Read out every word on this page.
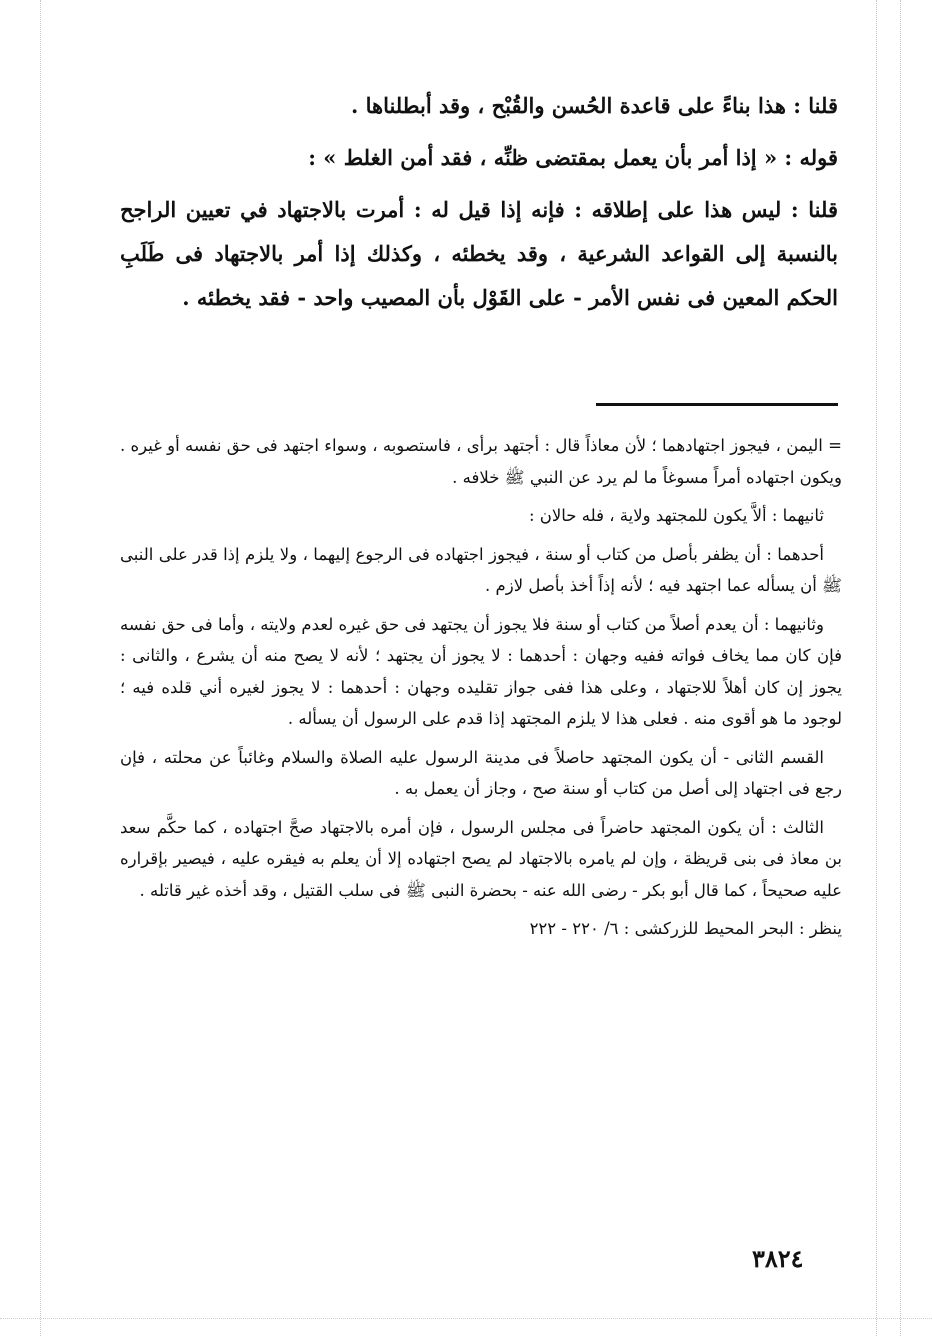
قلنا : هذا بناءً على قاعدة الحُسن والقُبْح ، وقد أبطلناها .

قوله : « إذا أمر بأن يعمل بمقتضى ظنِّه ، فقد أمن الغلط » :

قلنا : ليس هذا على إطلاقه : فإنه إذا قيل له : أمرت بالاجتهاد في تعيين الراجح بالنسبة إلى القواعد الشرعية ، وقد يخطئه ، وكذلك إذا أمر بالاجتهاد فى طَلَبِ الحكم المعين فى نفس الأمر - على القَوْل بأن المصيب واحد - فقد يخطئه .

= اليمن ، فيجوز اجتهادهما ؛ لأن معاذاً قال : أجتهد برأى ، فاستصوبه ، وسواء اجتهد فى حق نفسه أو غيره . ويكون اجتهاده أمراً مسوغاً ما لم يرد عن النبي ﷺ خلافه .

ثانيهما : ألاَّ يكون للمجتهد ولاية ، فله حالان :

أحدهما : أن يظفر بأصل من كتاب أو سنة ، فيجوز اجتهاده فى الرجوع إليهما ، ولا يلزم إذا قدر على النبى ﷺ أن يسأله عما اجتهد فيه ؛ لأنه إذاً أخذ بأصل لازم .

وثانيهما : أن يعدم أصلاً من كتاب أو سنة فلا يجوز أن يجتهد فى حق غيره لعدم ولايته ، وأما فى حق نفسه فإن كان مما يخاف فواته ففيه وجهان : أحدهما : لا يجوز أن يجتهد ؛ لأنه لا يصح منه أن يشرع ، والثانى : يجوز إن كان أهلاً للاجتهاد ، وعلى هذا ففى جواز تقليده وجهان : أحدهما : لا يجوز لغيره أني قلده فيه ؛ لوجود ما هو أقوى منه . فعلى هذا لا يلزم المجتهد إذا قدم على الرسول أن يسأله .

القسم الثانى - أن يكون المجتهد حاصلاً فى مدينة الرسول عليه الصلاة والسلام وغائباً عن محلته ، فإن رجع فى اجتهاد إلى أصل من كتاب أو سنة صح ، وجاز أن يعمل به .

الثالث : أن يكون المجتهد حاضراً فى مجلس الرسول ، فإن أمره بالاجتهاد صحَّ اجتهاده ، كما حكَّم سعد بن معاذ فى بنى قريظة ، وإن لم يامره بالاجتهاد لم يصح اجتهاده إلا أن يعلم به فيقره عليه ، فيصير بإقراره عليه صحيحاً ، كما قال أبو بكر - رضى الله عنه - بحضرة النبى ﷺ فى سلب القتيل ، وقد أخذه غير قاتله .

ينظر : البحر المحيط للزركشى : ٦/ ٢٢٠ - ٢٢٢

٣٨٢٤
